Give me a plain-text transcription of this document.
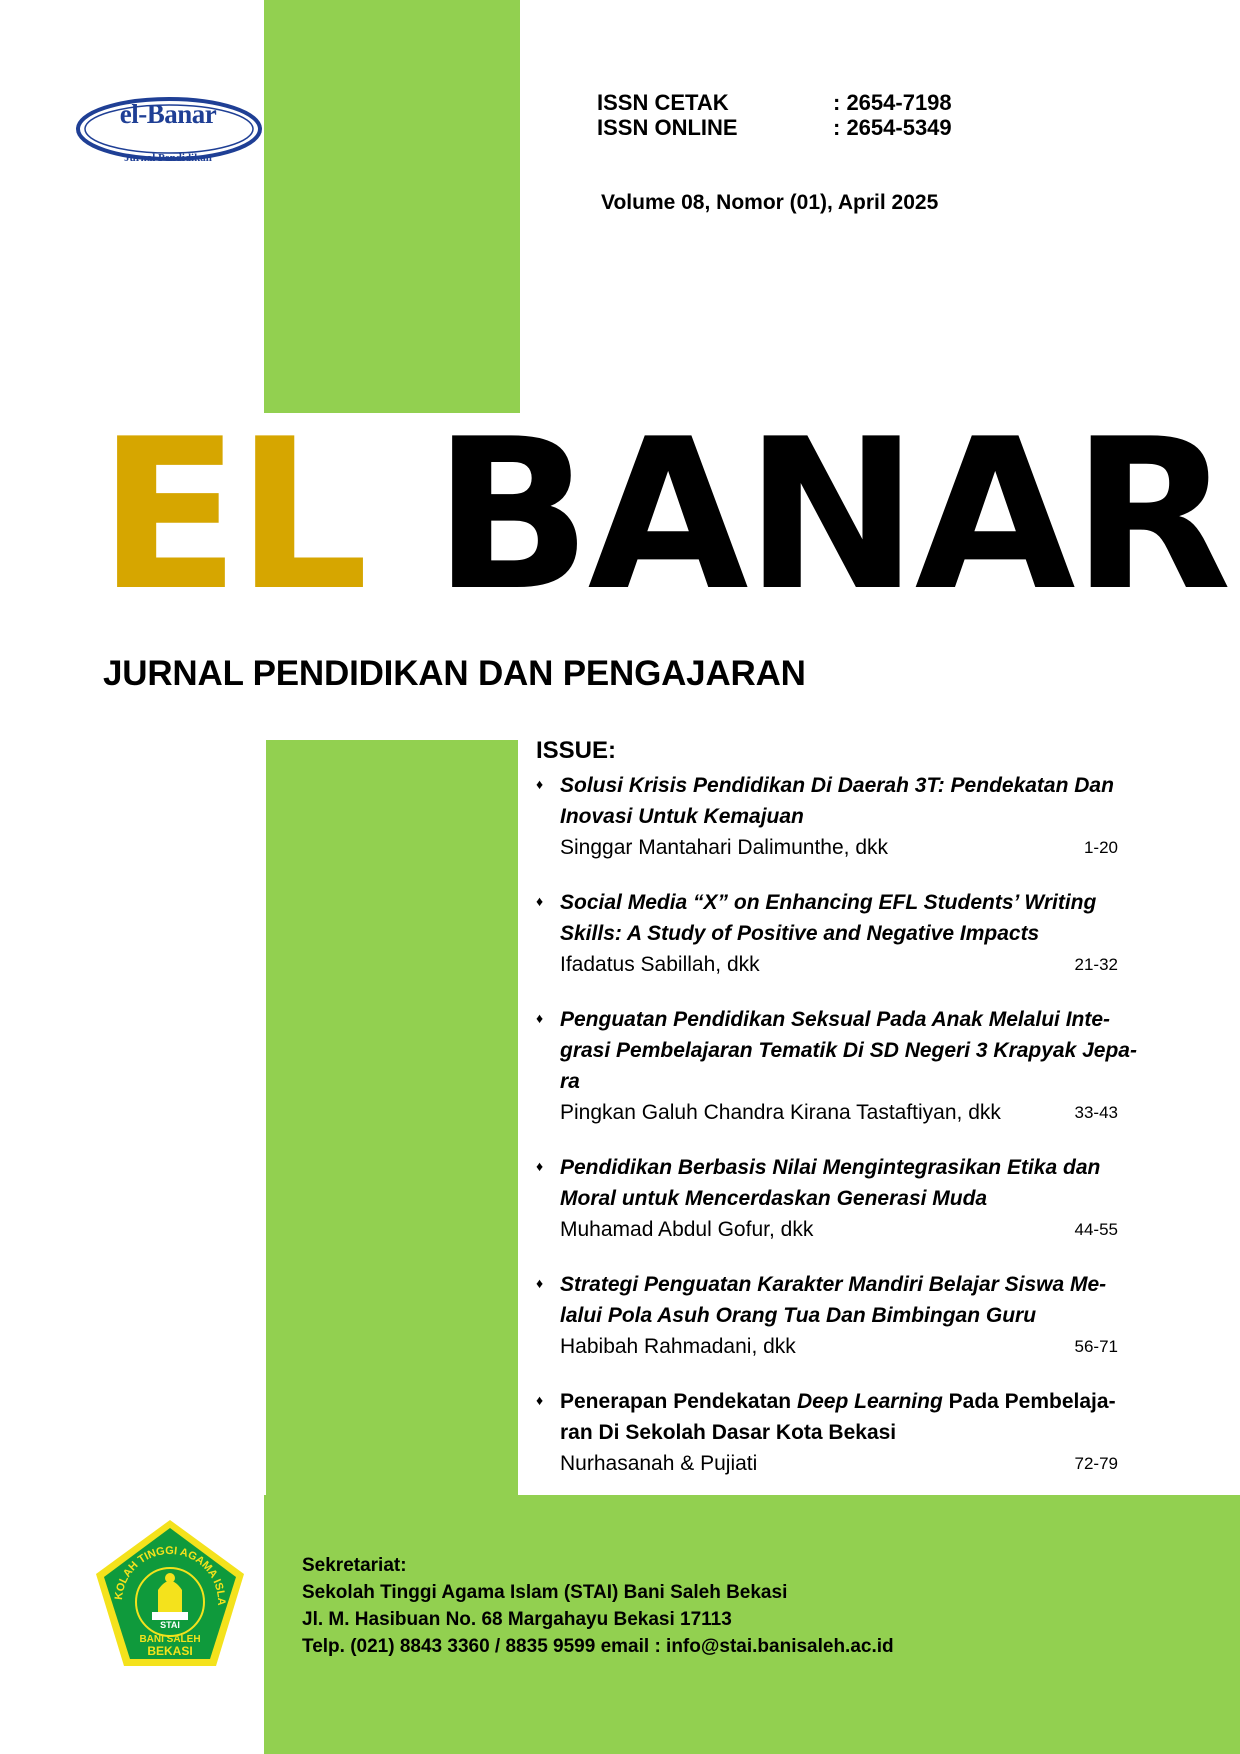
el-Banar
Jurnal Pendidikan
ISSN CETAK	: 2654-7198
ISSN ONLINE	: 2654-5349
Volume 08, Nomor (01), April 2025
EL BANAR
JURNAL PENDIDIKAN DAN PENGAJARAN
ISSUE:
♦ Solusi Krisis Pendidikan Di Daerah 3T: Pendekatan Dan
Inovasi Untuk Kemajuan
Singgar Mantahari Dalimunthe, dkk	1-20
♦ Social Media “X” on Enhancing EFL Students’ Writing
Skills: A Study of Positive and Negative Impacts
Ifadatus Sabillah, dkk	21-32
♦ Penguatan Pendidikan Seksual Pada Anak Melalui Inte-
grasi Pembelajaran Tematik Di SD Negeri 3 Krapyak Jepa-
ra
Pingkan Galuh Chandra Kirana Tastaftiyan, dkk	33-43
♦ Pendidikan Berbasis Nilai Mengintegrasikan Etika dan
Moral untuk Mencerdaskan Generasi Muda
Muhamad Abdul Gofur, dkk	44-55
♦ Strategi Penguatan Karakter Mandiri Belajar Siswa Me-
lalui Pola Asuh Orang Tua Dan Bimbingan Guru
Habibah Rahmadani, dkk	56-71
♦ Penerapan Pendekatan Deep Learning Pada Pembelaja-
ran Di Sekolah Dasar Kota Bekasi
Nurhasanah & Pujiati	72-79
KOLAH TINGGI AGAMA ISLA
STAI
BANI SALEH
BEKASI
Sekretariat:
Sekolah Tinggi Agama Islam (STAI) Bani Saleh Bekasi
Jl. M. Hasibuan No. 68 Margahayu Bekasi 17113
Telp. (021) 8843 3360 / 8835 9599 email : info@stai.banisaleh.ac.id
